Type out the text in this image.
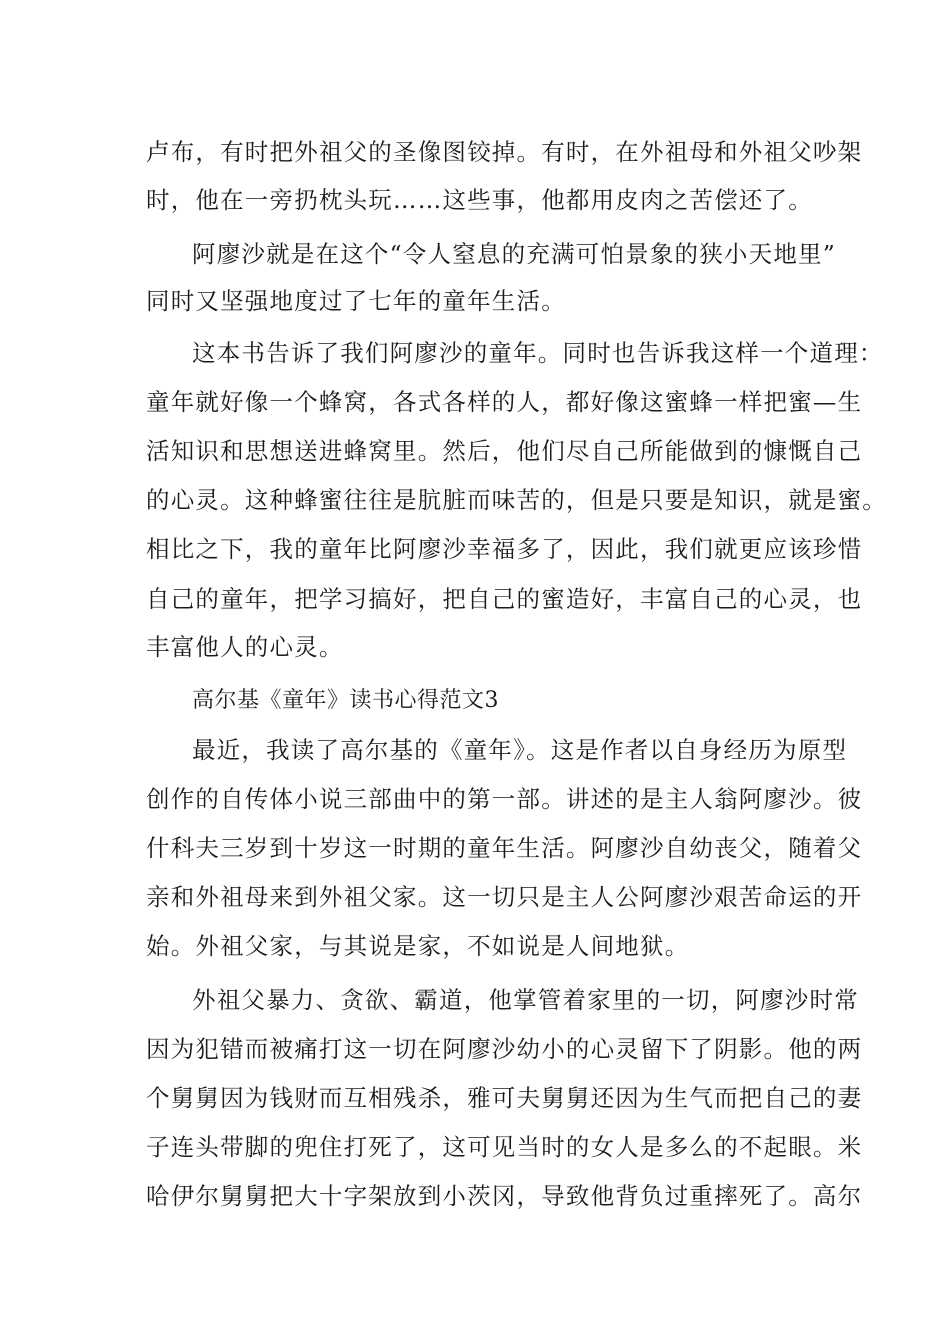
卢布，有时把外祖父的圣像图铰掉。有时，在外祖母和外祖父吵架
时，他在一旁扔枕头玩……这些事，他都用皮肉之苦偿还了。
阿廖沙就是在这个“令人窒息的充满可怕景象的狭小天地里”
同时又坚强地度过了七年的童年生活。
这本书告诉了我们阿廖沙的童年。同时也告诉我这样一个道理：
童年就好像一个蜂窝，各式各样的人，都好像这蜜蜂一样把蜜—生
活知识和思想送进蜂窝里。然后，他们尽自己所能做到的慷慨自己
的心灵。这种蜂蜜往往是肮脏而味苦的，但是只要是知识，就是蜜。
相比之下，我的童年比阿廖沙幸福多了，因此，我们就更应该珍惜
自己的童年，把学习搞好，把自己的蜜造好，丰富自己的心灵，也
丰富他人的心灵。
高尔基《童年》读书心得范文3
最近，我读了高尔基的《童年》。这是作者以自身经历为原型
创作的自传体小说三部曲中的第一部。讲述的是主人翁阿廖沙。彼
什科夫三岁到十岁这一时期的童年生活。阿廖沙自幼丧父，随着父
亲和外祖母来到外祖父家。这一切只是主人公阿廖沙艰苦命运的开
始。外祖父家，与其说是家，不如说是人间地狱。
外祖父暴力、贪欲、霸道，他掌管着家里的一切，阿廖沙时常
因为犯错而被痛打这一切在阿廖沙幼小的心灵留下了阴影。他的两
个舅舅因为钱财而互相残杀，雅可夫舅舅还因为生气而把自己的妻
子连头带脚的兜住打死了，这可见当时的女人是多么的不起眼。米
哈伊尔舅舅把大十字架放到小茨冈，导致他背负过重摔死了。高尔
